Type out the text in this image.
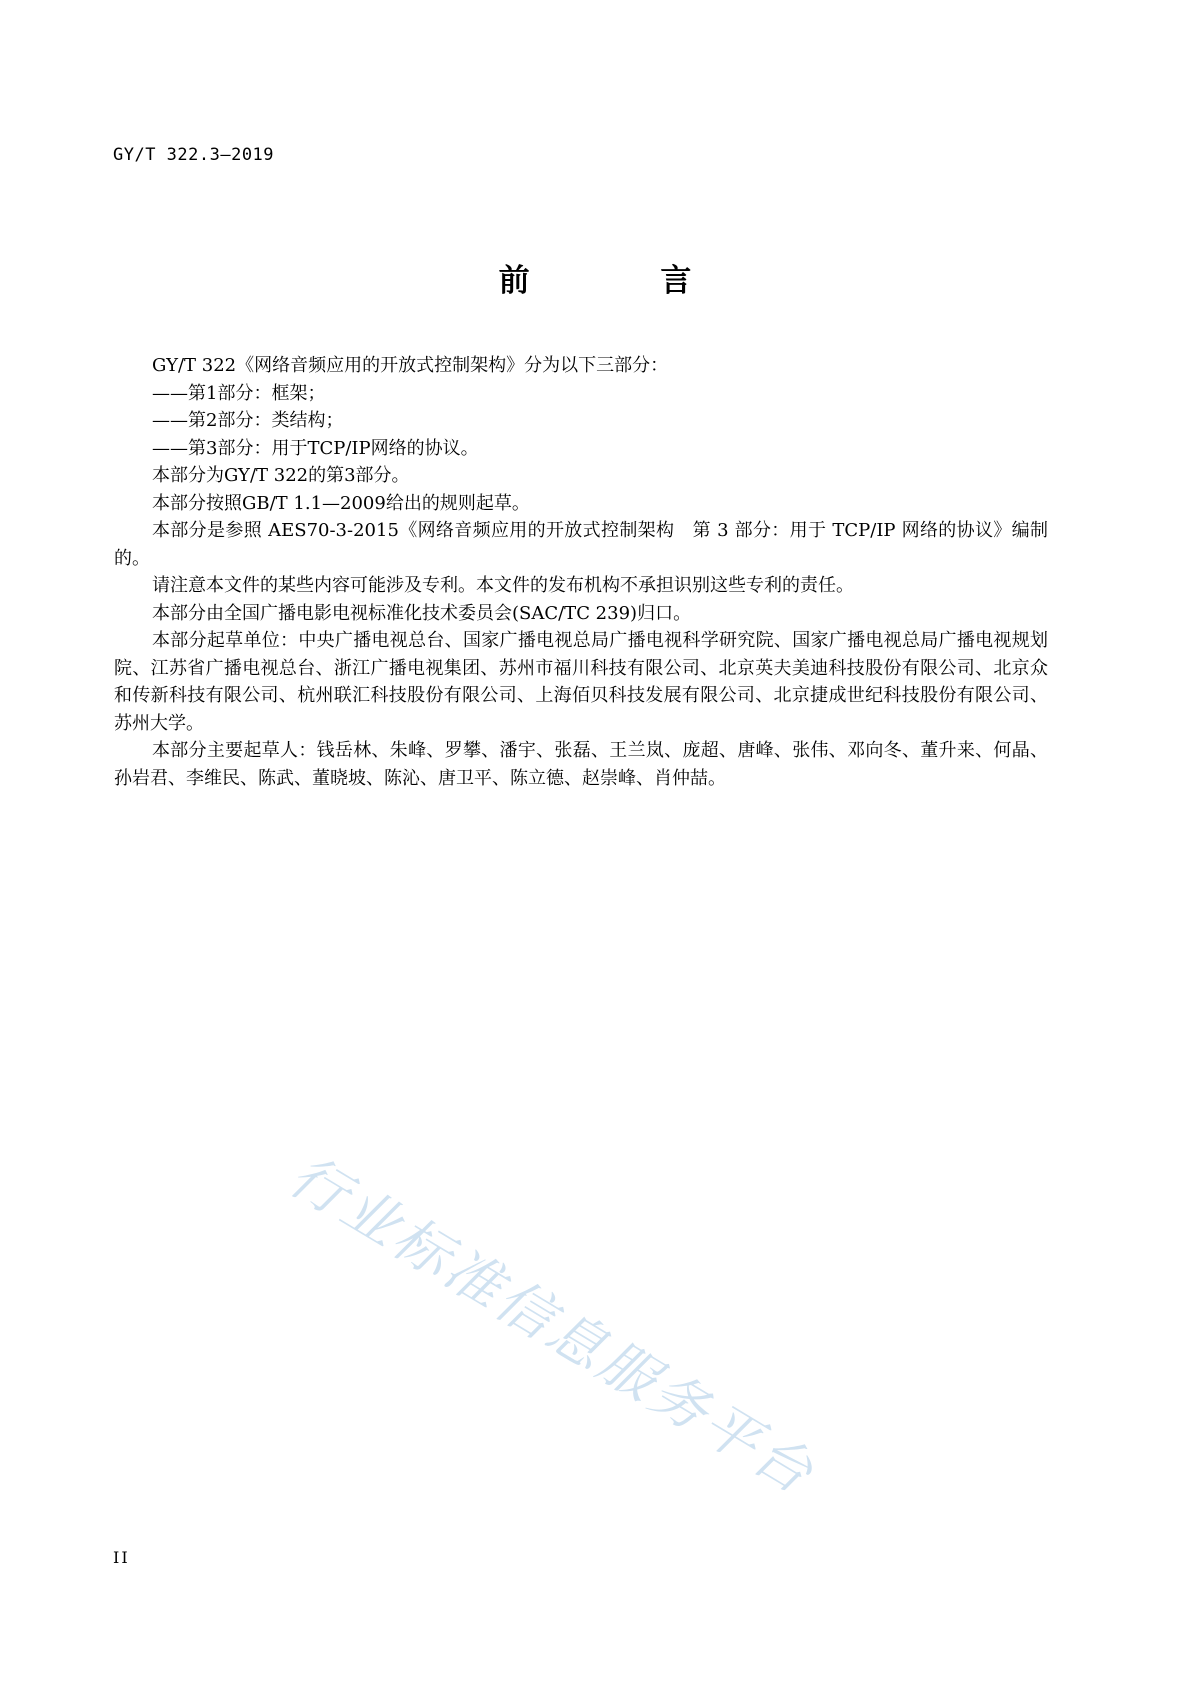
GY/T 322.3—2019
前 言

GY/T 322《网络音频应用的开放式控制架构》分为以下三部分：

——第1部分：框架；

——第2部分：类结构；

——第3部分：用于TCP/IP网络的协议。

本部分为GY/T 322的第3部分。

本部分按照GB/T 1.1—2009给出的规则起草。

本部分是参照 AES70-3-2015《网络音频应用的开放式控制架构　第 3 部分：用于 TCP/IP 网络的协议》编制的。

请注意本文件的某些内容可能涉及专利。本文件的发布机构不承担识别这些专利的责任。

本部分由全国广播电影电视标准化技术委员会(SAC/TC 239)归口。

本部分起草单位：中央广播电视总台、国家广播电视总局广播电视科学研究院、国家广播电视总局广播电视规划院、江苏省广播电视总台、浙江广播电视集团、苏州市福川科技有限公司、北京英夫美迪科技股份有限公司、北京众和传新科技有限公司、杭州联汇科技股份有限公司、上海佰贝科技发展有限公司、北京捷成世纪科技股份有限公司、苏州大学。

本部分主要起草人：钱岳林、朱峰、罗攀、潘宇、张磊、王兰岚、庞超、唐峰、张伟、邓向冬、董升来、何晶、孙岩君、李维民、陈武、董晓坡、陈沁、唐卫平、陈立德、赵崇峰、肖仲喆。

行业标准信息服务平台
II
